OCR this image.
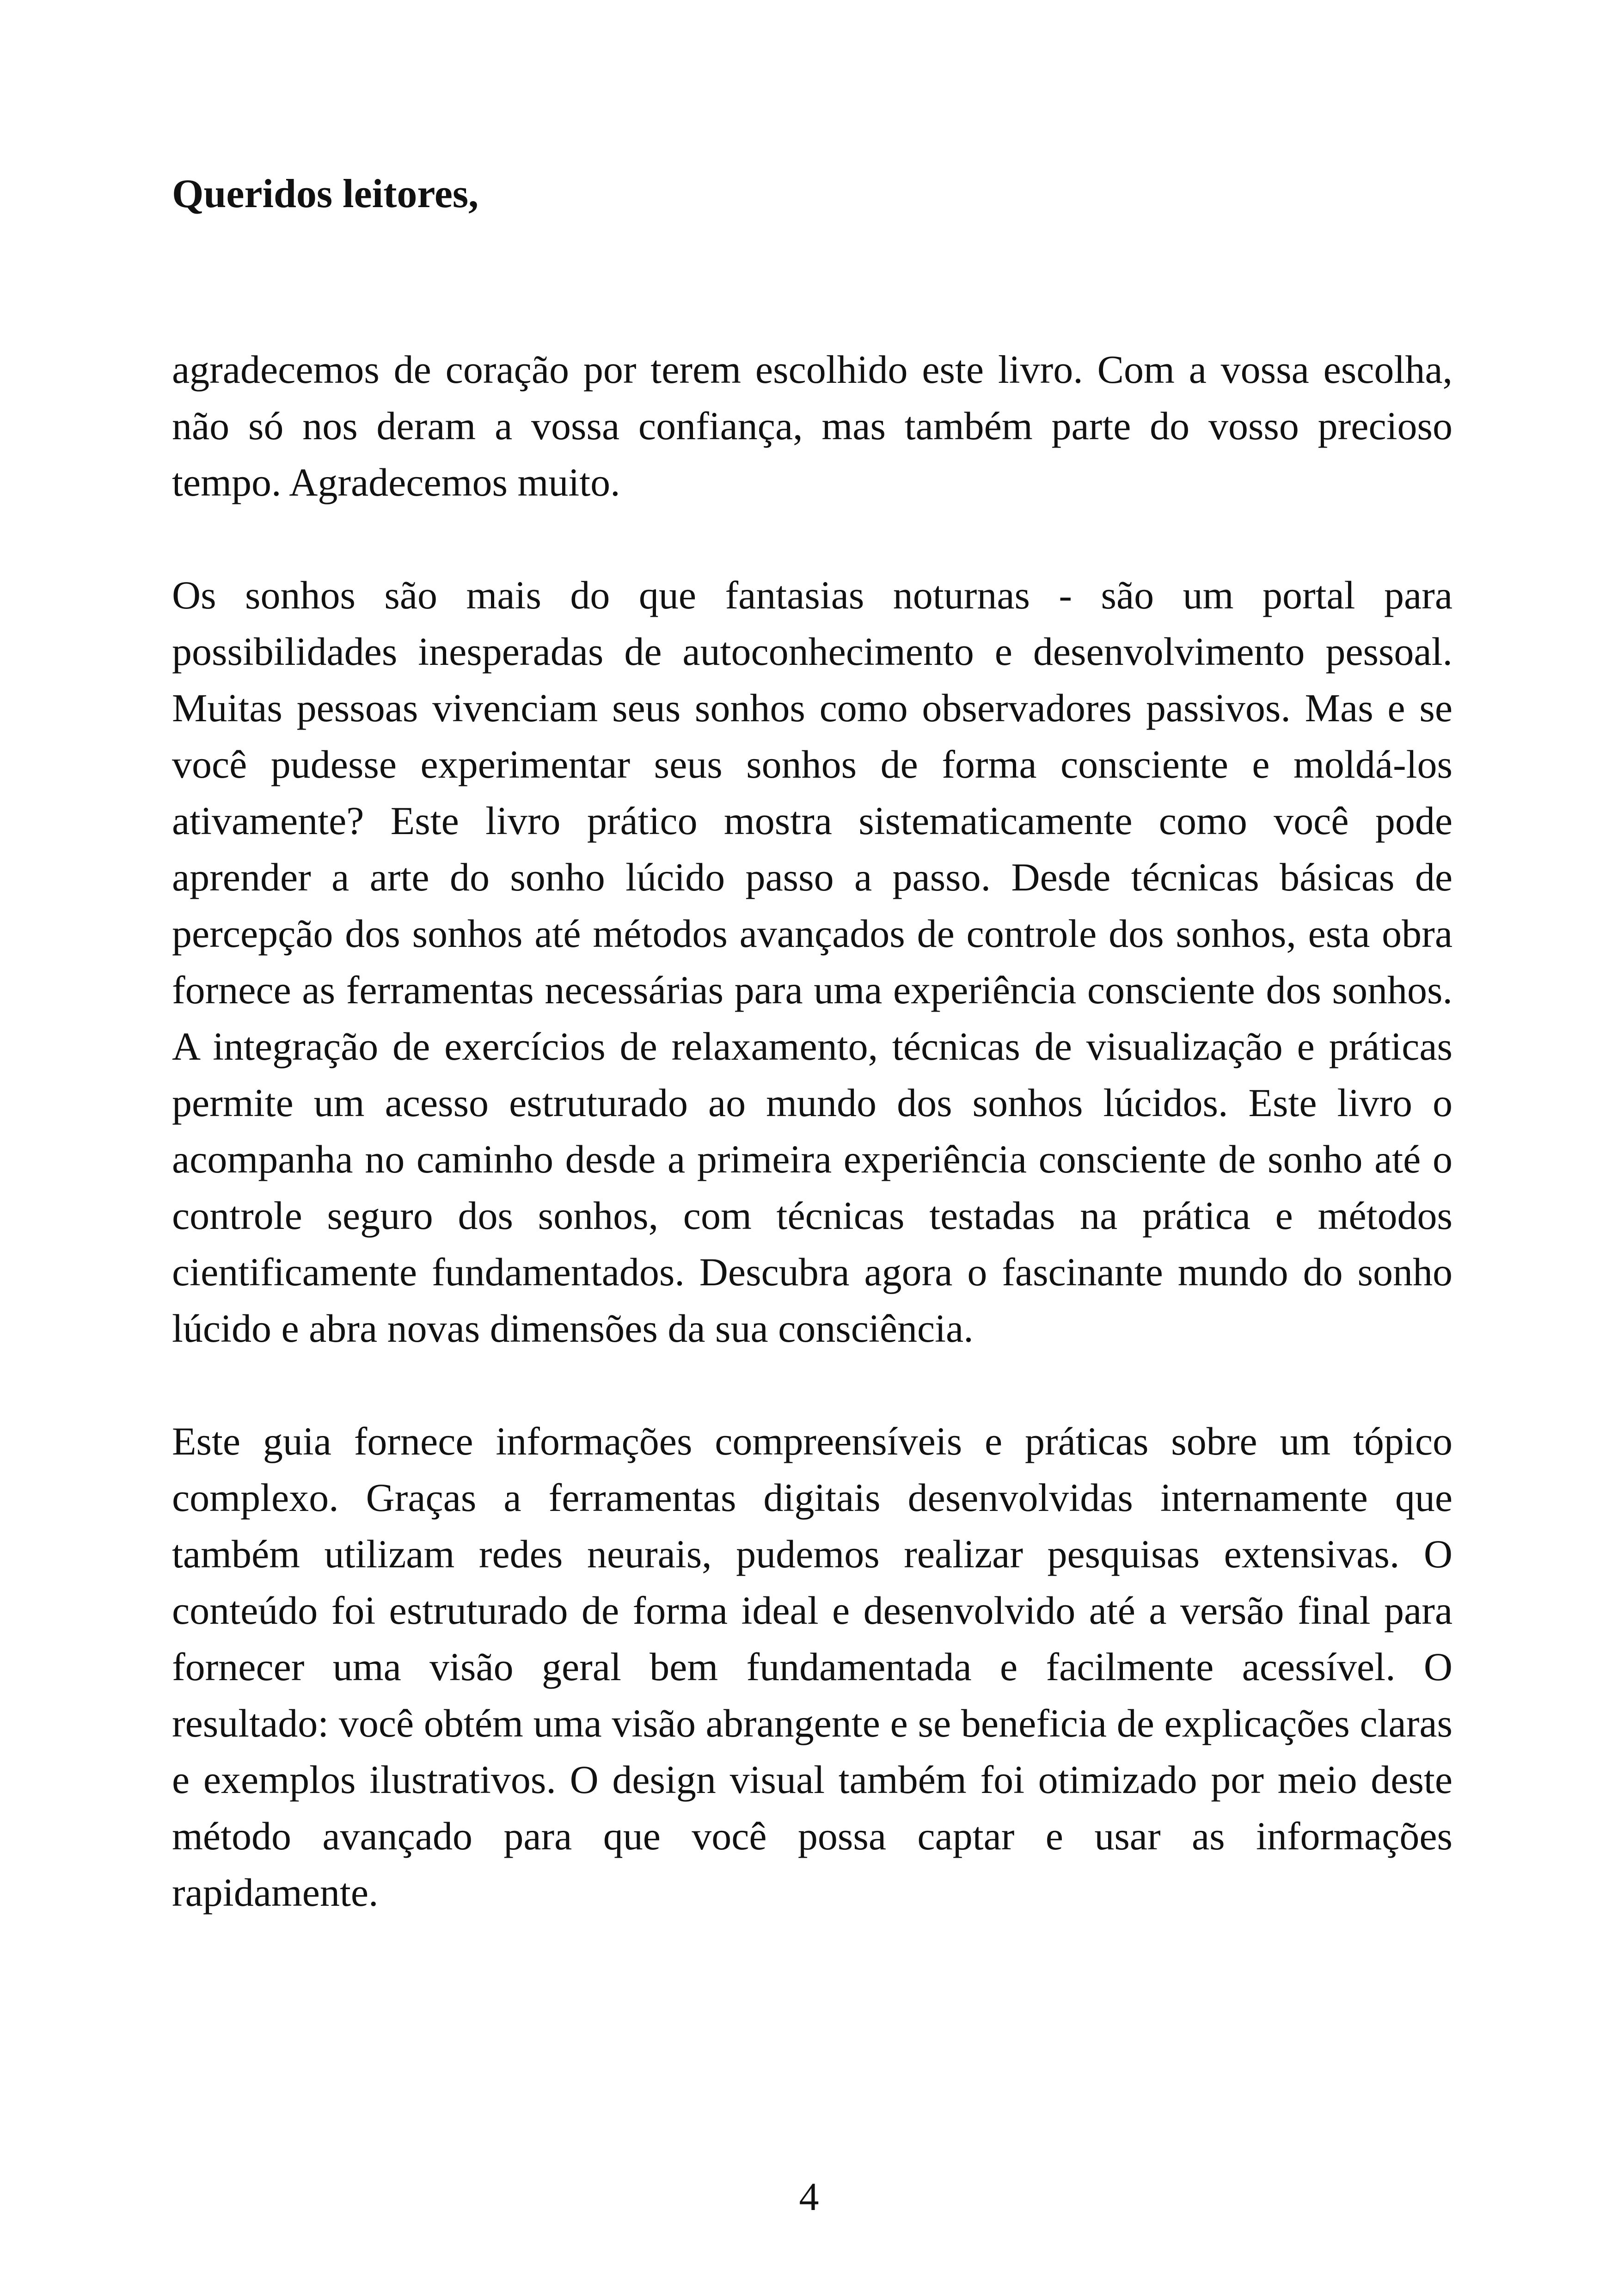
Queridos leitores,

agradecemos de coração por terem escolhido este livro. Com a vossa escolha, não só nos deram a vossa confiança, mas também parte do vosso precioso tempo. Agradecemos muito.

Os sonhos são mais do que fantasias noturnas - são um portal para possibilidades inesperadas de autoconhecimento e desenvolvimento pessoal. Muitas pessoas vivenciam seus sonhos como observadores passivos. Mas e se você pudesse experimentar seus sonhos de forma consciente e moldá-los ativamente? Este livro prático mostra sistematicamente como você pode aprender a arte do sonho lúcido passo a passo. Desde técnicas básicas de percepção dos sonhos até métodos avançados de controle dos sonhos, esta obra fornece as ferramentas necessárias para uma experiência consciente dos sonhos. A integração de exercícios de relaxamento, técnicas de visualização e práticas permite um acesso estruturado ao mundo dos sonhos lúcidos. Este livro o acompanha no caminho desde a primeira experiência consciente de sonho até o controle seguro dos sonhos, com técnicas testadas na prática e métodos cientificamente fundamentados. Descubra agora o fascinante mundo do sonho lúcido e abra novas dimensões da sua consciência.

Este guia fornece informações compreensíveis e práticas sobre um tópico complexo. Graças a ferramentas digitais desenvolvidas internamente que também utilizam redes neurais, pudemos realizar pesquisas extensivas. O conteúdo foi estruturado de forma ideal e desenvolvido até a versão final para fornecer uma visão geral bem fundamentada e facilmente acessível. O resultado: você obtém uma visão abrangente e se beneficia de explicações claras e exemplos ilustrativos. O design visual também foi otimizado por meio deste método avançado para que você possa captar e usar as informações rapidamente.

4
